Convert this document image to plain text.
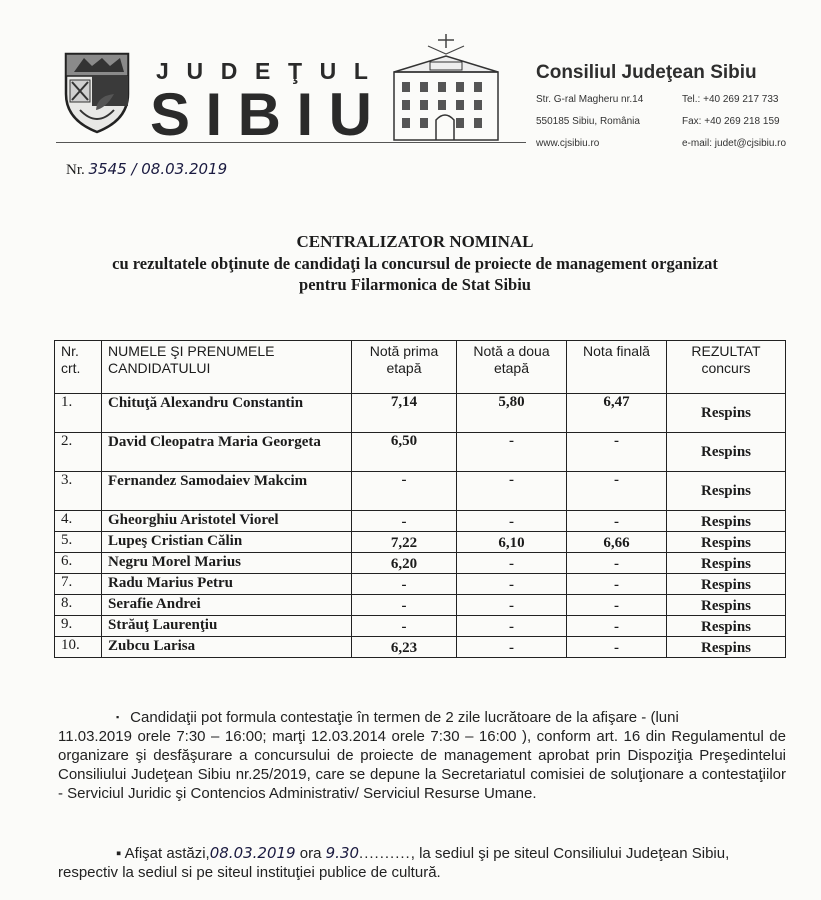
J U D E Ţ U L
S I B I U
Consiliul Judeţean Sibiu
Str. G-ral Magheru nr.14
550185 Sibiu, România
www.cjsibiu.ro
Tel.: +40 269 217 733
Fax: +40 269 218 159
e-mail: judet@cjsibiu.ro
Nr. 3545 / 08.03.2019
CENTRALIZATOR NOMINAL
cu rezultatele obţinute de candidaţi la concursul de proiecte de management organizat
pentru Filarmonica de Stat Sibiu
Nr. crt.	NUMELE ŞI PRENUMELE CANDIDATULUI	Notă prima etapă	Notă a doua etapă	Nota finală	REZULTAT concurs
1.	Chituţă Alexandru Constantin	7,14	5,80	6,47	Respins
2.	David Cleopatra Maria Georgeta	6,50	-	-	Respins
3.	Fernandez Samodaiev Makcim	-	-	-	Respins
4.	Gheorghiu Aristotel Viorel	-	-	-	Respins
5.	Lupeş Cristian Călin	7,22	6,10	6,66	Respins
6.	Negru Morel Marius	6,20	-	-	Respins
7.	Radu Marius Petru	-	-	-	Respins
8.	Serafie Andrei	-	-	-	Respins
9.	Străuţ Laurenţiu	-	-	-	Respins
10.	Zubcu Larisa	6,23	-	-	Respins

▪ Candidaţii pot formula contestaţie în termen de 2 zile lucrătoare de la afişare - (luni

11.03.2019 orele 7:30 – 16:00; marţi 12.03.2014 orele 7:30 – 16:00 ), conform art. 16 din Regulamentul de organizare şi desfăşurare a concursului de proiecte de management aprobat prin Dispoziţia Preşedintelui Consiliului Judeţean Sibiu nr.25/2019, care se depune la Secretariatul comisiei de soluţionare a contestaţiilor - Serviciul Juridic şi Contencios Administrativ/ Serviciul Resurse Umane.

▪ Afişat astăzi,08.03.2019 ora 9.30.........., la sediul şi pe siteul Consiliului Judeţean Sibiu,
respectiv la sediul si pe siteul instituţiei publice de cultură.
